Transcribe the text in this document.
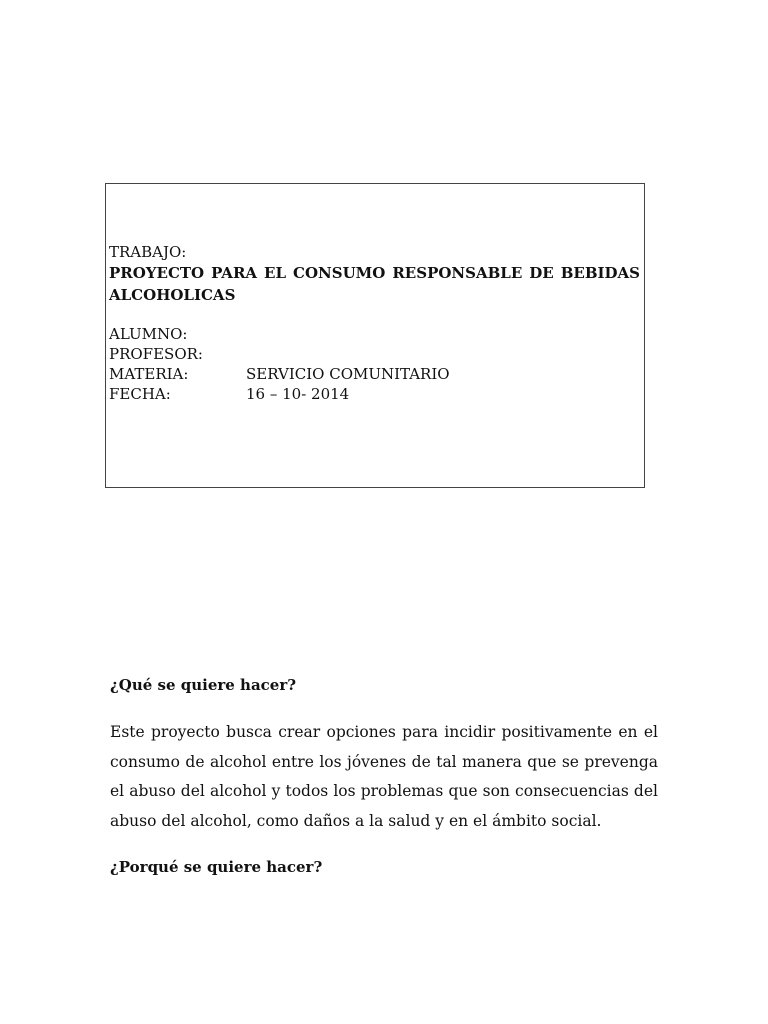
TRABAJO:

PROYECTO PARA EL CONSUMO RESPONSABLE DE BEBIDAS

ALCOHOLICAS

ALUMNO:
PROFESOR:
MATERIA:	SERVICIO COMUNITARIO
FECHA:	16 – 10- 2014
¿Qué se quiere hacer?

Este proyecto busca crear opciones para incidir positivamente en el consumo de alcohol entre los jóvenes de tal manera que se prevenga el abuso del alcohol y todos los problemas que son consecuencias del abuso del alcohol, como daños a la salud y en el ámbito social.

¿Porqué se quiere hacer?
